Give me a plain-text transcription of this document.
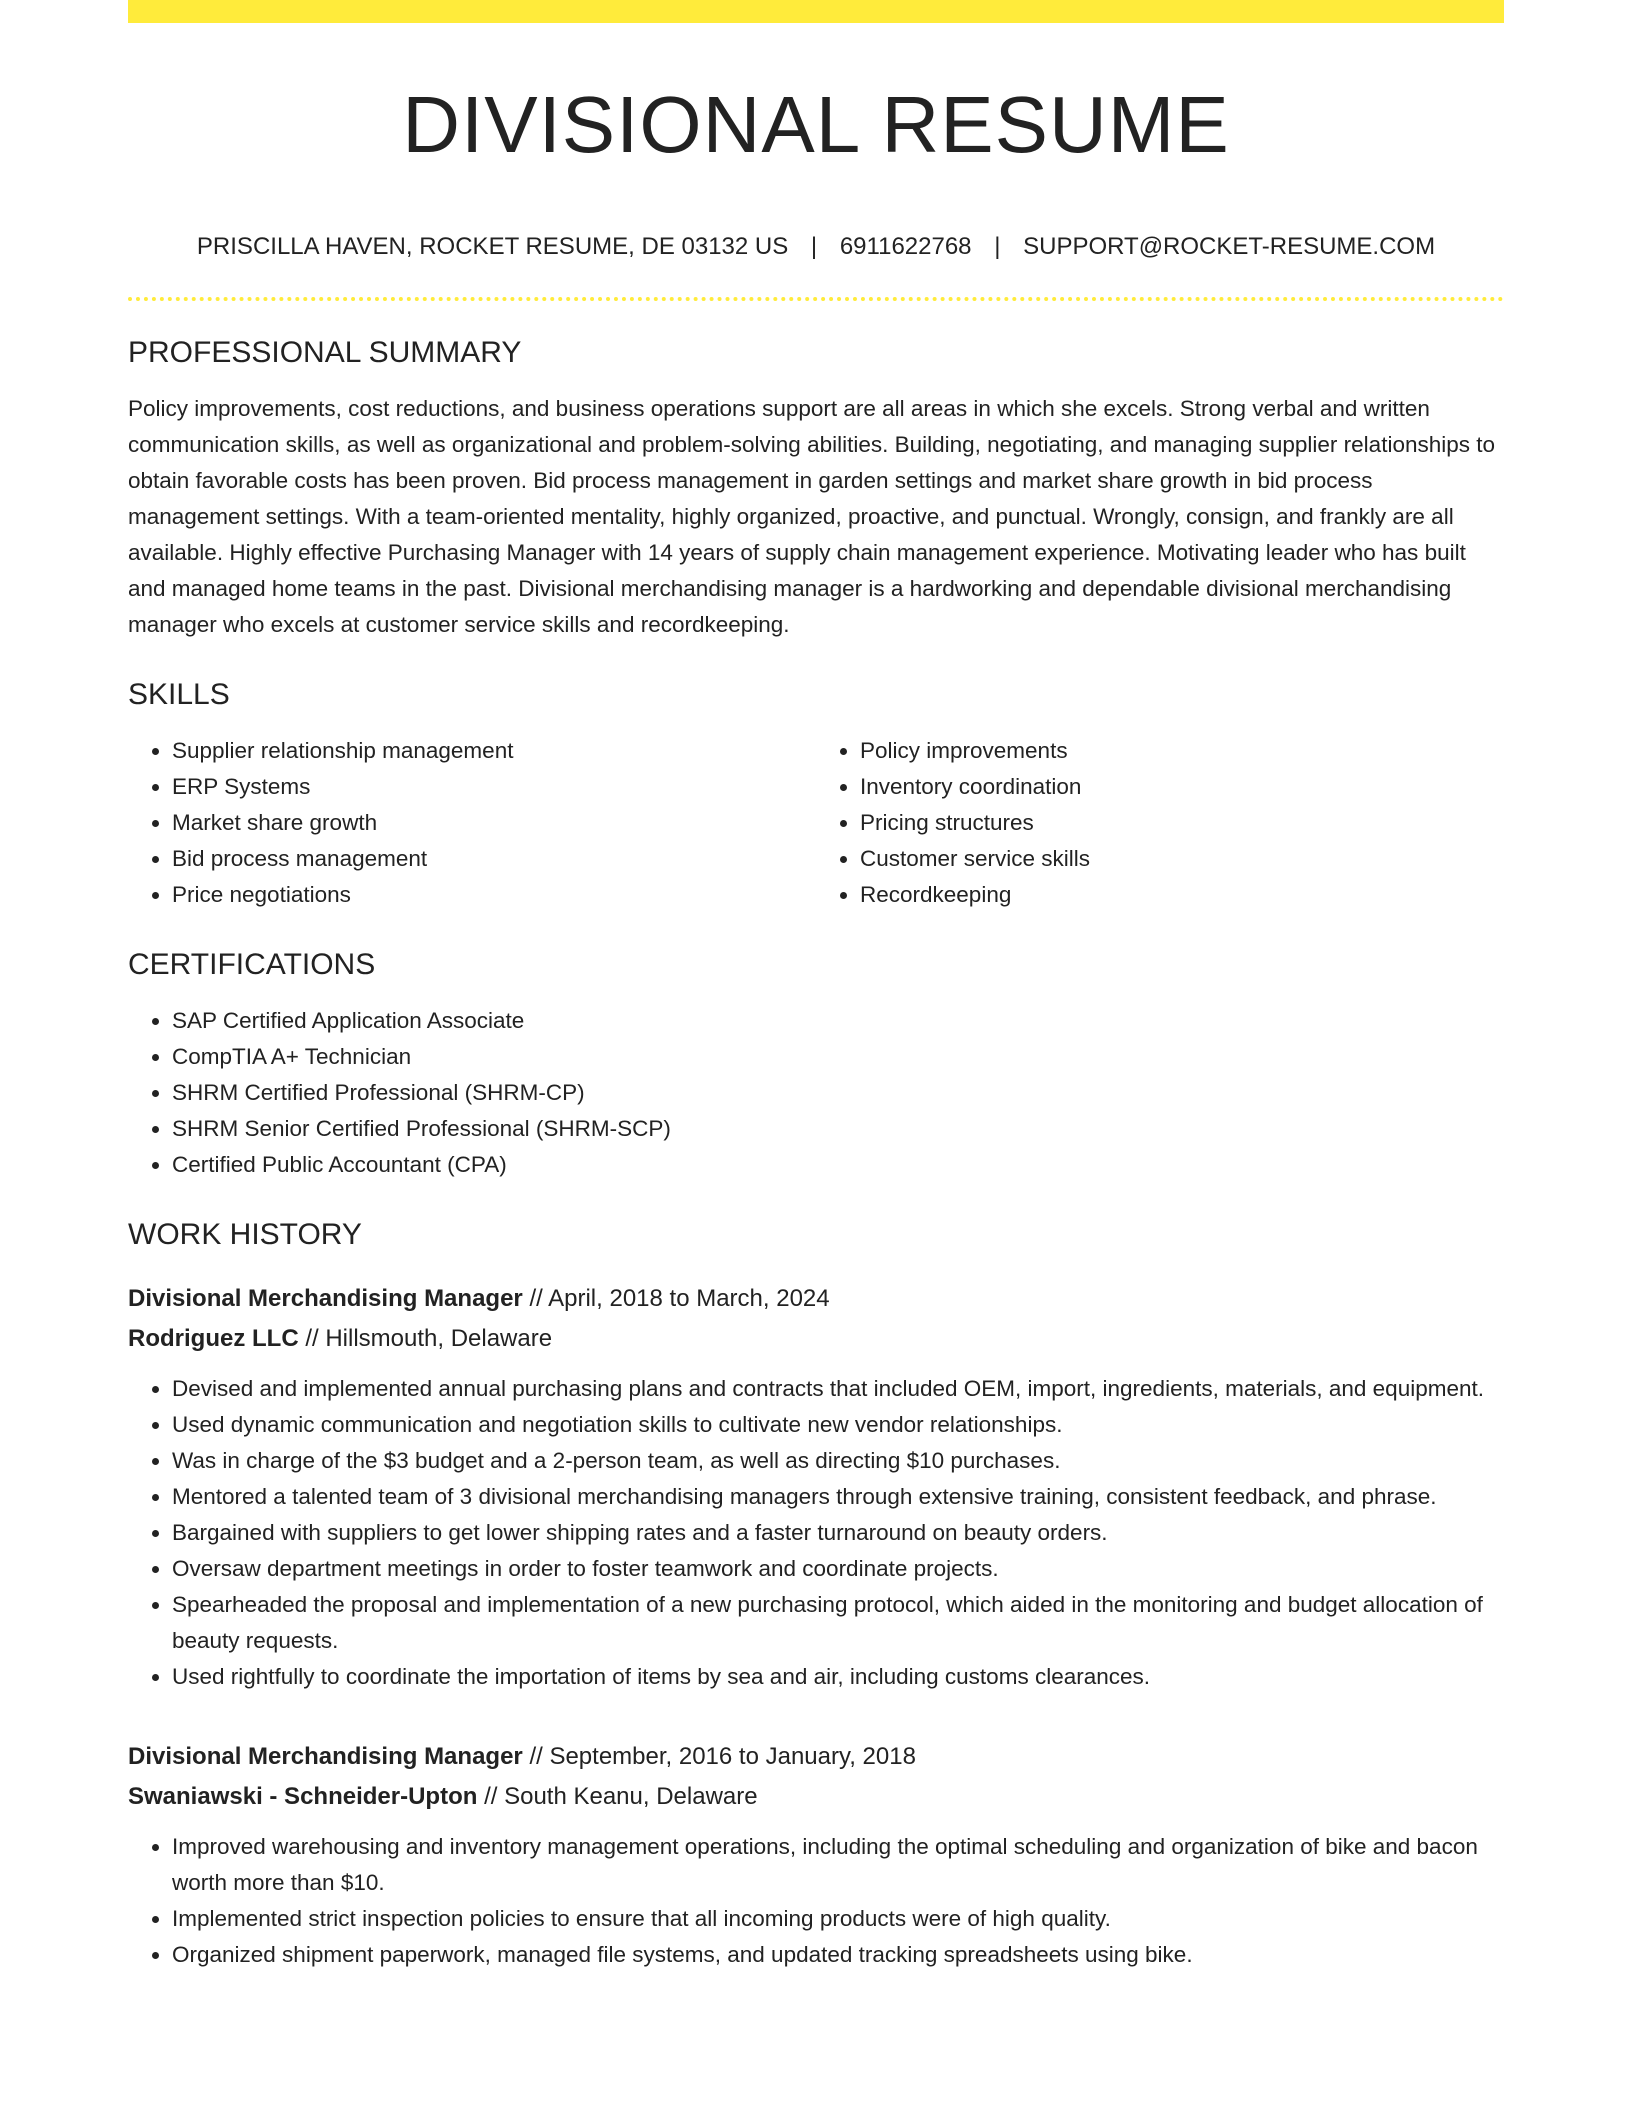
DIVISIONAL RESUME
PRISCILLA HAVEN, ROCKET RESUME, DE 03132 US | 6911622768 | SUPPORT@ROCKET-RESUME.COM
PROFESSIONAL SUMMARY

Policy improvements, cost reductions, and business operations support are all areas in which she excels. Strong verbal and written communication skills, as well as organizational and problem-solving abilities. Building, negotiating, and managing supplier relationships to obtain favorable costs has been proven. Bid process management in garden settings and market share growth in bid process management settings. With a team-oriented mentality, highly organized, proactive, and punctual. Wrongly, consign, and frankly are all available. Highly effective Purchasing Manager with 14 years of supply chain management experience. Motivating leader who has built and managed home teams in the past. Divisional merchandising manager is a hardworking and dependable divisional merchandising manager who excels at customer service skills and recordkeeping.

SKILLS
• Supplier relationship management
• ERP Systems
• Market share growth
• Bid process management
• Price negotiations
• Policy improvements
• Inventory coordination
• Pricing structures
• Customer service skills
• Recordkeeping
CERTIFICATIONS
• SAP Certified Application Associate
• CompTIA A+ Technician
• SHRM Certified Professional (SHRM-CP)
• SHRM Senior Certified Professional (SHRM-SCP)
• Certified Public Accountant (CPA)
WORK HISTORY
Divisional Merchandising Manager // April, 2018 to March, 2024
Rodriguez LLC // Hillsmouth, Delaware
• Devised and implemented annual purchasing plans and contracts that included OEM, import, ingredients, materials, and equipment.
• Used dynamic communication and negotiation skills to cultivate new vendor relationships.
• Was in charge of the $3 budget and a 2-person team, as well as directing $10 purchases.
• Mentored a talented team of 3 divisional merchandising managers through extensive training, consistent feedback, and phrase.
• Bargained with suppliers to get lower shipping rates and a faster turnaround on beauty orders.
• Oversaw department meetings in order to foster teamwork and coordinate projects.
• Spearheaded the proposal and implementation of a new purchasing protocol, which aided in the monitoring and budget allocation of beauty requests.
• Used rightfully to coordinate the importation of items by sea and air, including customs clearances.
Divisional Merchandising Manager // September, 2016 to January, 2018
Swaniawski - Schneider-Upton // South Keanu, Delaware
• Improved warehousing and inventory management operations, including the optimal scheduling and organization of bike and bacon worth more than $10.
• Implemented strict inspection policies to ensure that all incoming products were of high quality.
• Organized shipment paperwork, managed file systems, and updated tracking spreadsheets using bike.
